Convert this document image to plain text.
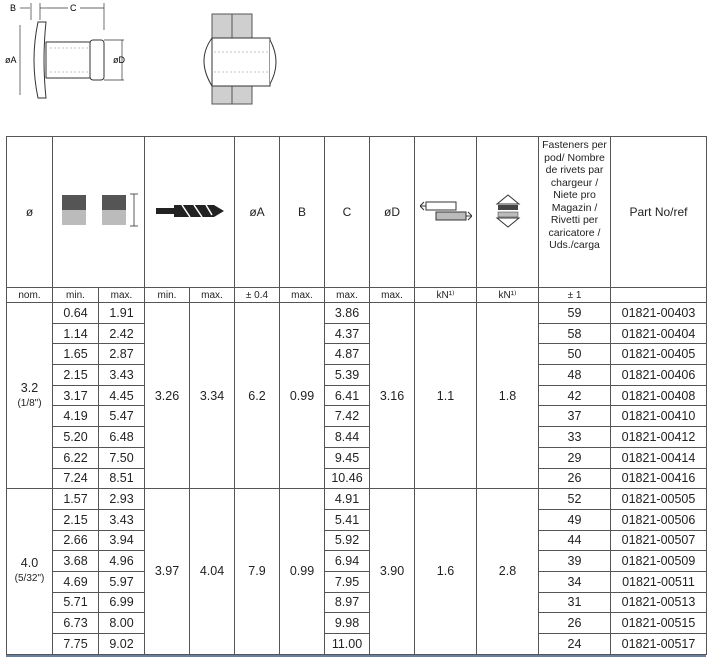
B	C
øA	øD
ø					øA	B	C	øD			Fasteners per pod/ Nombre de rivets par chargeur / Niete pro Magazin / Rivetti per caricatore / Uds./carga	Part No/ref
nom.	min.	max.	min.	max.	± 0.4	max.	max.	max.	kN¹⁾	kN¹⁾	± 1	

3.2
(1/8")	0.64	1.91	3.26	3.34	6.2	0.99	3.86	3.16	1.1	1.8	59	01821-00403
	1.14	2.42					4.37				58	01821-00404
	1.65	2.87					4.87				50	01821-00405
	2.15	3.43					5.39				48	01821-00406
	3.17	4.45					6.41				42	01821-00408
	4.19	5.47					7.42				37	01821-00410
	5.20	6.48					8.44				33	01821-00412
	6.22	7.50					9.45				29	01821-00414
	7.24	8.51					10.46				26	01821-00416

4.0
(5/32")	1.57	2.93	3.97	4.04	7.9	0.99	4.91	3.90	1.6	2.8	52	01821-00505
	2.15	3.43					5.41				49	01821-00506
	2.66	3.94					5.92				44	01821-00507
	3.68	4.96					6.94				39	01821-00509
	4.69	5.97					7.95				34	01821-00511
	5.71	6.99					8.97				31	01821-00513
	6.73	8.00					9.98				26	01821-00515
	7.75	9.02					11.00				24	01821-00517
